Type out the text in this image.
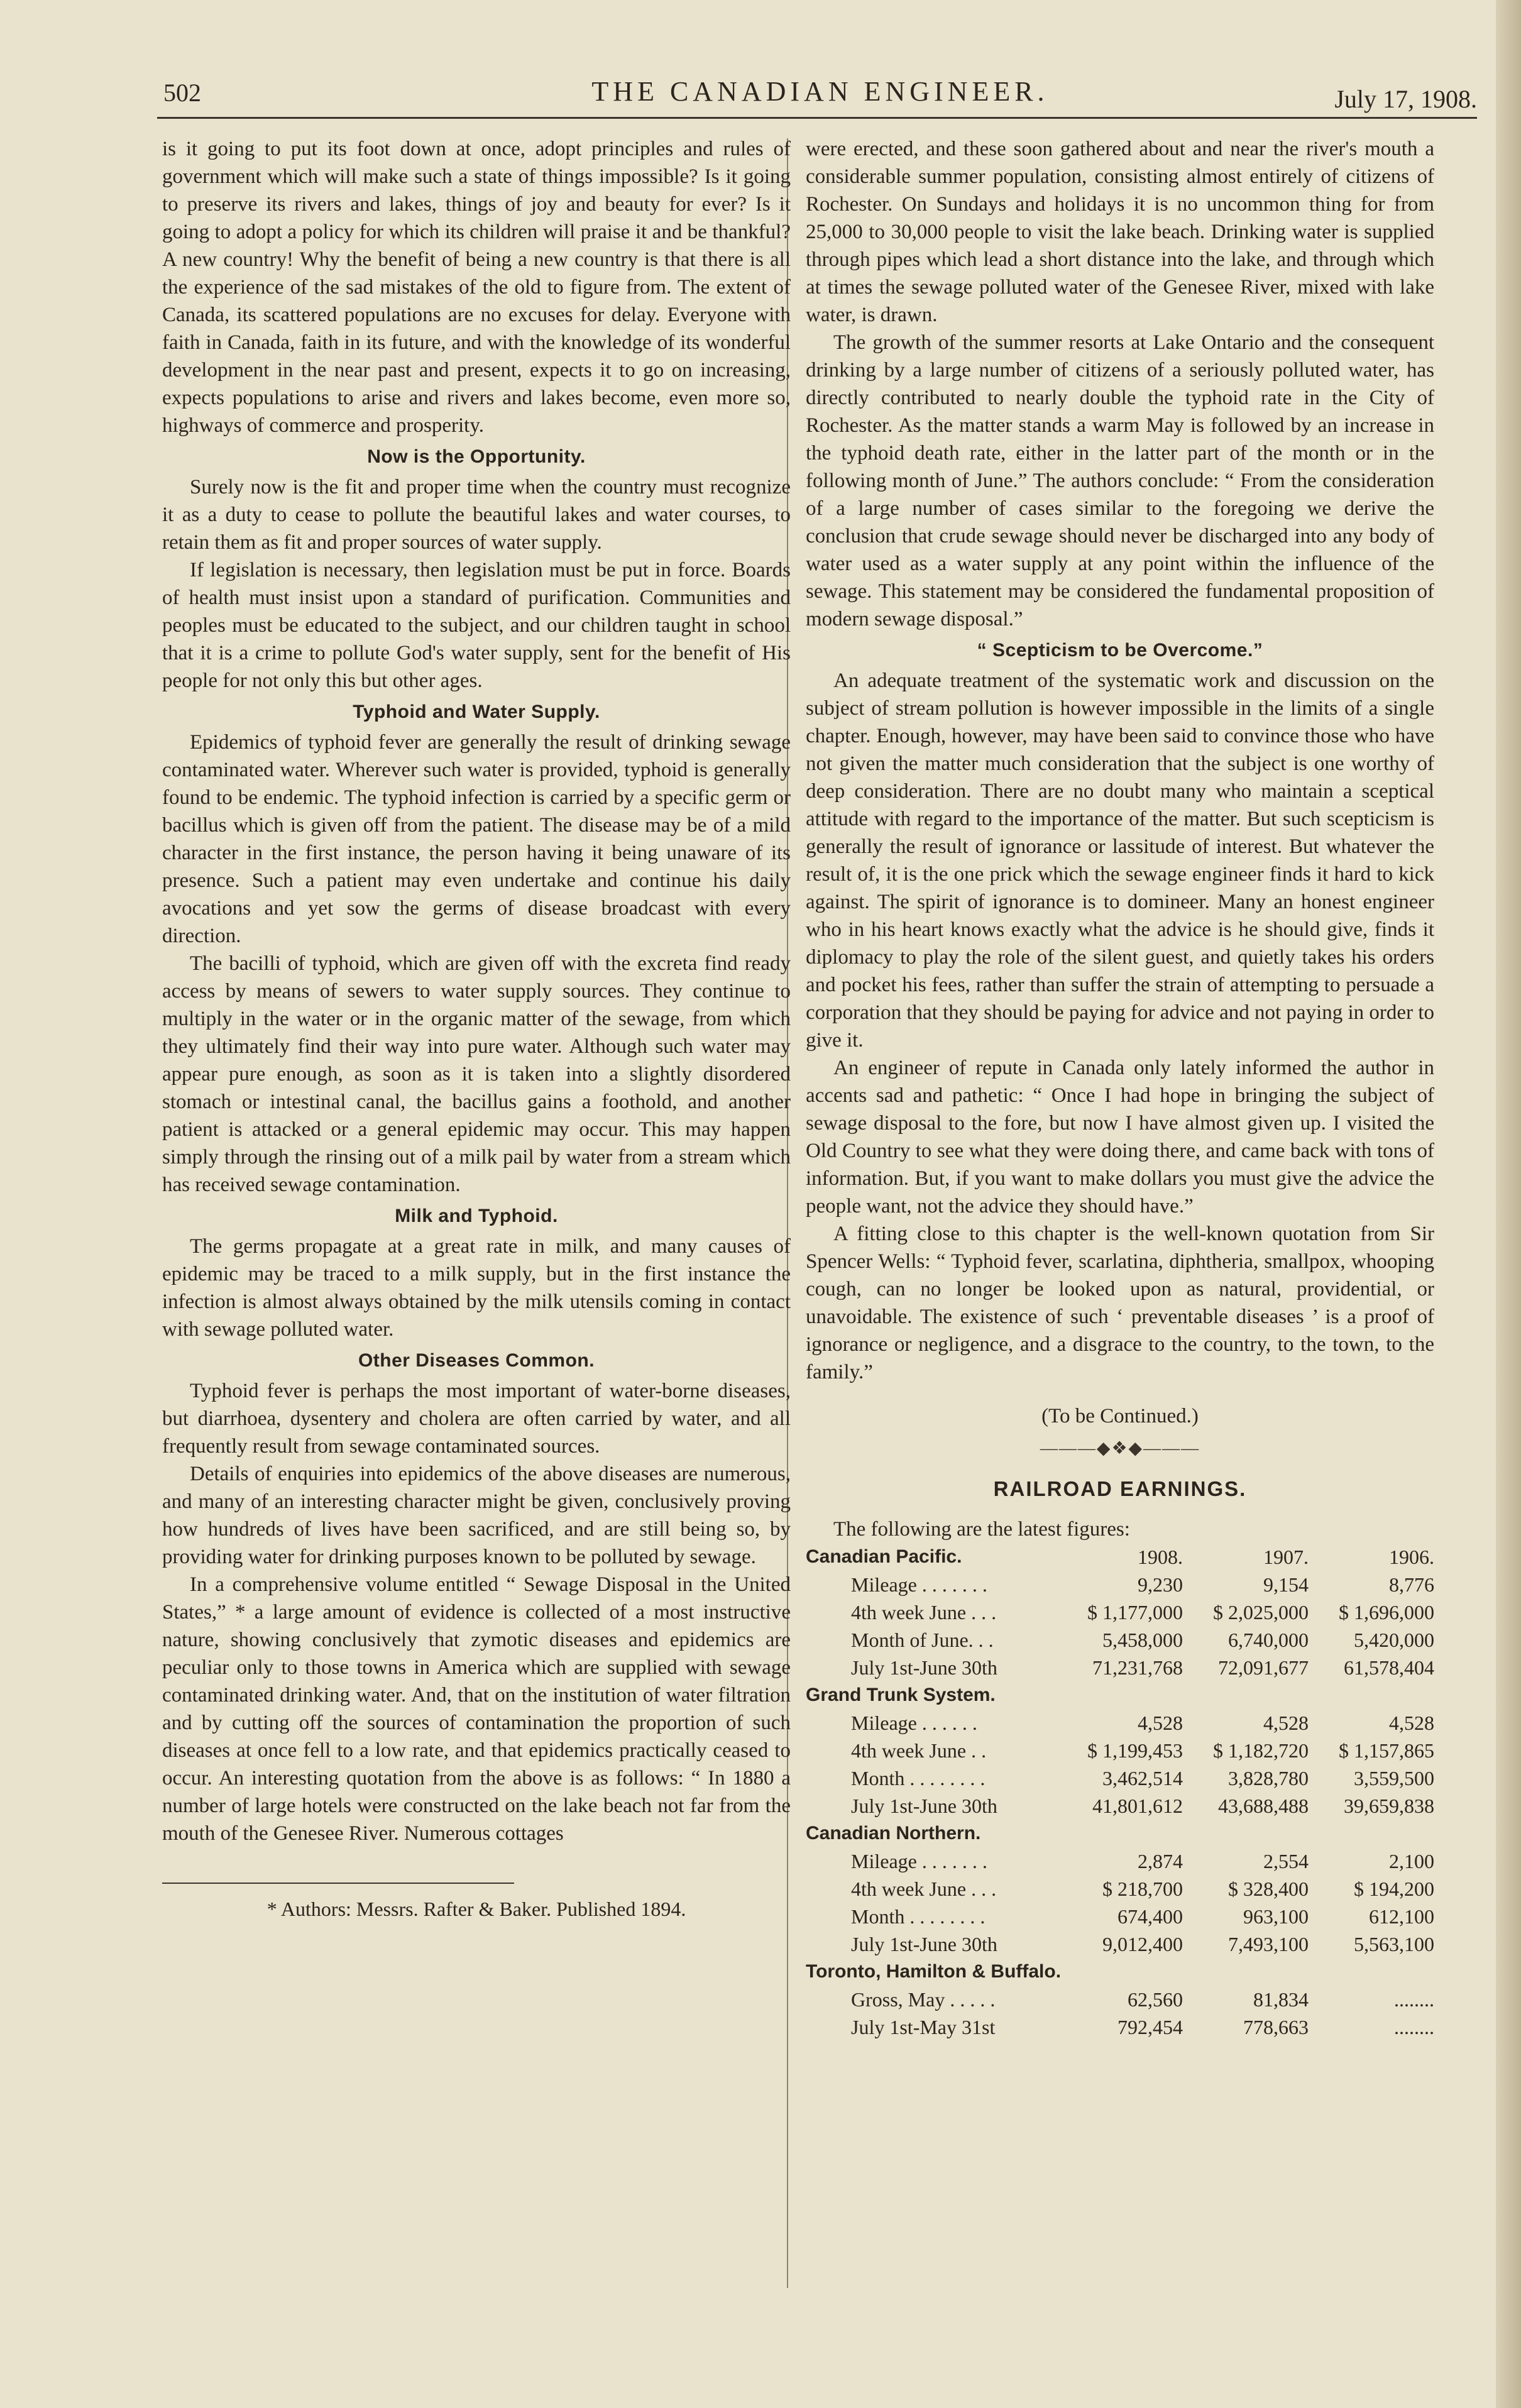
502	THE CANADIAN ENGINEER.	July 17, 1908.

is it going to put its foot down at once, adopt principles and rules of government which will make such a state of things impossible? Is it going to preserve its rivers and lakes, things of joy and beauty for ever? Is it going to adopt a policy for which its children will praise it and be thankful? A new country! Why the benefit of being a new country is that there is all the experience of the sad mistakes of the old to figure from. The extent of Canada, its scattered populations are no excuses for delay. Everyone with faith in Canada, faith in its future, and with the knowledge of its wonderful development in the near past and present, expects it to go on increasing, expects populations to arise and rivers and lakes become, even more so, highways of commerce and prosperity.

Now is the Opportunity.

Surely now is the fit and proper time when the country must recognize it as a duty to cease to pollute the beautiful lakes and water courses, to retain them as fit and proper sources of water supply.

If legislation is necessary, then legislation must be put in force. Boards of health must insist upon a standard of purification. Communities and peoples must be educated to the subject, and our children taught in school that it is a crime to pollute God's water supply, sent for the benefit of His people for not only this but other ages.

Typhoid and Water Supply.

Epidemics of typhoid fever are generally the result of drinking sewage contaminated water. Wherever such water is provided, typhoid is generally found to be endemic. The typhoid infection is carried by a specific germ or bacillus which is given off from the patient. The disease may be of a mild character in the first instance, the person having it being unaware of its presence. Such a patient may even undertake and continue his daily avocations and yet sow the germs of disease broadcast with every direction.

The bacilli of typhoid, which are given off with the excreta find ready access by means of sewers to water supply sources. They continue to multiply in the water or in the organic matter of the sewage, from which they ultimately find their way into pure water. Although such water may appear pure enough, as soon as it is taken into a slightly disordered stomach or intestinal canal, the bacillus gains a foothold, and another patient is attacked or a general epidemic may occur. This may happen simply through the rinsing out of a milk pail by water from a stream which has received sewage contamination.

Milk and Typhoid.

The germs propagate at a great rate in milk, and many causes of epidemic may be traced to a milk supply, but in the first instance the infection is almost always obtained by the milk utensils coming in contact with sewage polluted water.

Other Diseases Common.

Typhoid fever is perhaps the most important of water-borne diseases, but diarrhoea, dysentery and cholera are often carried by water, and all frequently result from sewage contaminated sources.

Details of enquiries into epidemics of the above diseases are numerous, and many of an interesting character might be given, conclusively proving how hundreds of lives have been sacrificed, and are still being so, by providing water for drinking purposes known to be polluted by sewage.

In a comprehensive volume entitled “ Sewage Disposal in the United States,” * a large amount of evidence is collected of a most instructive nature, showing conclusively that zymotic diseases and epidemics are peculiar only to those towns in America which are supplied with sewage contaminated drinking water. And, that on the institution of water filtration and by cutting off the sources of contamination the proportion of such diseases at once fell to a low rate, and that epidemics practically ceased to occur. An interesting quotation from the above is as follows: “ In 1880 a number of large hotels were constructed on the lake beach not far from the mouth of the Genesee River. Numerous cottages

* Authors: Messrs. Rafter & Baker. Published 1894.

were erected, and these soon gathered about and near the river's mouth a considerable summer population, consisting almost entirely of citizens of Rochester. On Sundays and holidays it is no uncommon thing for from 25,000 to 30,000 people to visit the lake beach. Drinking water is supplied through pipes which lead a short distance into the lake, and through which at times the sewage polluted water of the Genesee River, mixed with lake water, is drawn.

The growth of the summer resorts at Lake Ontario and the consequent drinking by a large number of citizens of a seriously polluted water, has directly contributed to nearly double the typhoid rate in the City of Rochester. As the matter stands a warm May is followed by an increase in the typhoid death rate, either in the latter part of the month or in the following month of June.” The authors conclude: “ From the consideration of a large number of cases similar to the foregoing we derive the conclusion that crude sewage should never be discharged into any body of water used as a water supply at any point within the influence of the sewage. This statement may be considered the fundamental proposition of modern sewage disposal.”

“ Scepticism to be Overcome.”

An adequate treatment of the systematic work and discussion on the subject of stream pollution is however impossible in the limits of a single chapter. Enough, however, may have been said to convince those who have not given the matter much consideration that the subject is one worthy of deep consideration. There are no doubt many who maintain a sceptical attitude with regard to the importance of the matter. But such scepticism is generally the result of ignorance or lassitude of interest. But whatever the result of, it is the one prick which the sewage engineer finds it hard to kick against. The spirit of ignorance is to domineer. Many an honest engineer who in his heart knows exactly what the advice is he should give, finds it diplomacy to play the role of the silent guest, and quietly takes his orders and pocket his fees, rather than suffer the strain of attempting to persuade a corporation that they should be paying for advice and not paying in order to give it.

An engineer of repute in Canada only lately informed the author in accents sad and pathetic: “ Once I had hope in bringing the subject of sewage disposal to the fore, but now I have almost given up. I visited the Old Country to see what they were doing there, and came back with tons of information. But, if you want to make dollars you must give the advice the people want, not the advice they should have.”

A fitting close to this chapter is the well-known quotation from Sir Spencer Wells: “ Typhoid fever, scarlatina, diphtheria, smallpox, whooping cough, can no longer be looked upon as natural, providential, or unavoidable. The existence of such ‘ preventable diseases ’ is a proof of ignorance or negligence, and a disgrace to the country, to the town, to the family.”

(To be Continued.)
———◆❖◆———
RAILROAD EARNINGS.

The following are the latest figures:

Canadian Pacific.	1908.	1907.	1906.
Mileage . . . . . . .	9,230	9,154	8,776
4th week June . . .	$ 1,177,000	$ 2,025,000	$ 1,696,000
Month of June. . .	5,458,000	6,740,000	5,420,000
July 1st-June 30th	71,231,768	72,091,677	61,578,404
Grand Trunk System.			
Mileage . . . . . .	4,528	4,528	4,528
4th week June . .	$ 1,199,453	$ 1,182,720	$ 1,157,865
Month . . . . . . . .	3,462,514	3,828,780	3,559,500
July 1st-June 30th	41,801,612	43,688,488	39,659,838
Canadian Northern.			
Mileage . . . . . . .	2,874	2,554	2,100
4th week June . . .	$ 218,700	$ 328,400	$ 194,200
Month . . . . . . . .	674,400	963,100	612,100
July 1st-June 30th	9,012,400	7,493,100	5,563,100
Toronto, Hamilton & Buffalo.			
Gross, May . . . . .	62,560	81,834	........
July 1st-May 31st	792,454	778,663	........
